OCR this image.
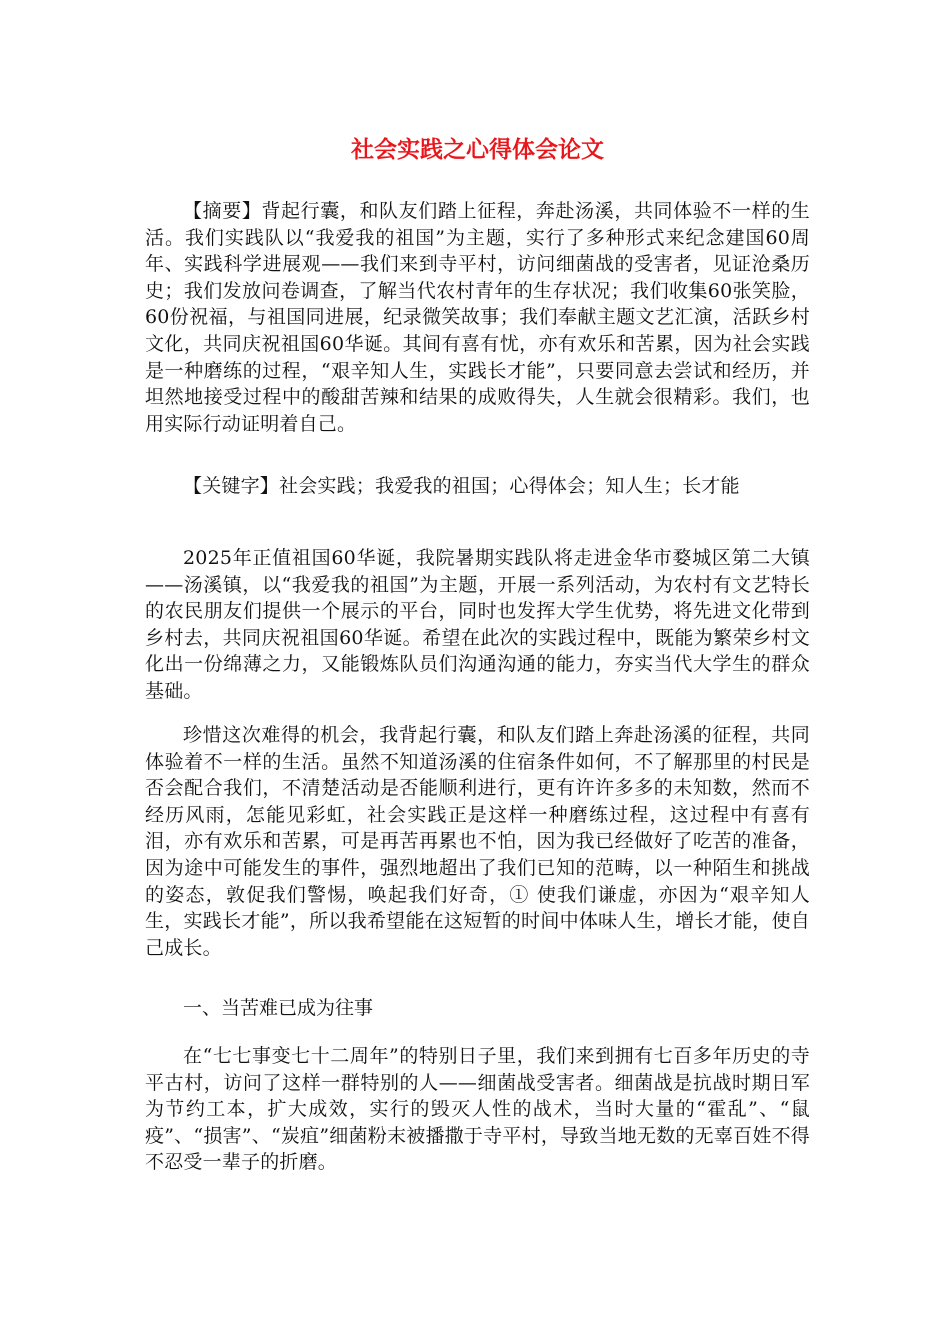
社会实践之心得体会论文

【摘要】背起行囊，和队友们踏上征程，奔赴汤溪，共同体验不一样的生活。我们实践队以“我爱我的祖国”为主题，实行了多种形式来纪念建国60周年、实践科学进展观——我们来到寺平村，访问细菌战的受害者，见证沧桑历史；我们发放问卷调查，了解当代农村青年的生存状况；我们收集60张笑脸，60份祝福，与祖国同进展，纪录微笑故事；我们奉献主题文艺汇演，活跃乡村文化，共同庆祝祖国60华诞。其间有喜有忧，亦有欢乐和苦累，因为社会实践是一种磨练的过程，“艰辛知人生，实践长才能”，只要同意去尝试和经历，并坦然地接受过程中的酸甜苦辣和结果的成败得失，人生就会很精彩。我们，也用实际行动证明着自己。

【关键字】社会实践；我爱我的祖国；心得体会；知人生；长才能

2025年正值祖国60华诞，我院暑期实践队将走进金华市婺城区第二大镇——汤溪镇，以“我爱我的祖国”为主题，开展一系列活动，为农村有文艺特长的农民朋友们提供一个展示的平台，同时也发挥大学生优势，将先进文化带到乡村去，共同庆祝祖国60华诞。希望在此次的实践过程中，既能为繁荣乡村文化出一份绵薄之力，又能锻炼队员们沟通沟通的能力，夯实当代大学生的群众基础。

珍惜这次难得的机会，我背起行囊，和队友们踏上奔赴汤溪的征程，共同体验着不一样的生活。虽然不知道汤溪的住宿条件如何，不了解那里的村民是否会配合我们，不清楚活动是否能顺利进行，更有许许多多的未知数，然而不经历风雨，怎能见彩虹，社会实践正是这样一种磨练过程，这过程中有喜有泪，亦有欢乐和苦累，可是再苦再累也不怕，因为我已经做好了吃苦的准备，因为途中可能发生的事件，强烈地超出了我们已知的范畴，以一种陌生和挑战的姿态，敦促我们警惕，唤起我们好奇，① 使我们谦虚，亦因为“艰辛知人生，实践长才能”，所以我希望能在这短暂的时间中体味人生，增长才能，使自己成长。

一、当苦难已成为往事

在“七七事变七十二周年”的特别日子里，我们来到拥有七百多年历史的寺平古村，访问了这样一群特别的人——细菌战受害者。细菌战是抗战时期日军为节约工本，扩大成效，实行的毁灭人性的战术，当时大量的“霍乱”、“鼠疫”、“损害”、“炭疽”细菌粉末被播撒于寺平村，导致当地无数的无辜百姓不得不忍受一辈子的折磨。
